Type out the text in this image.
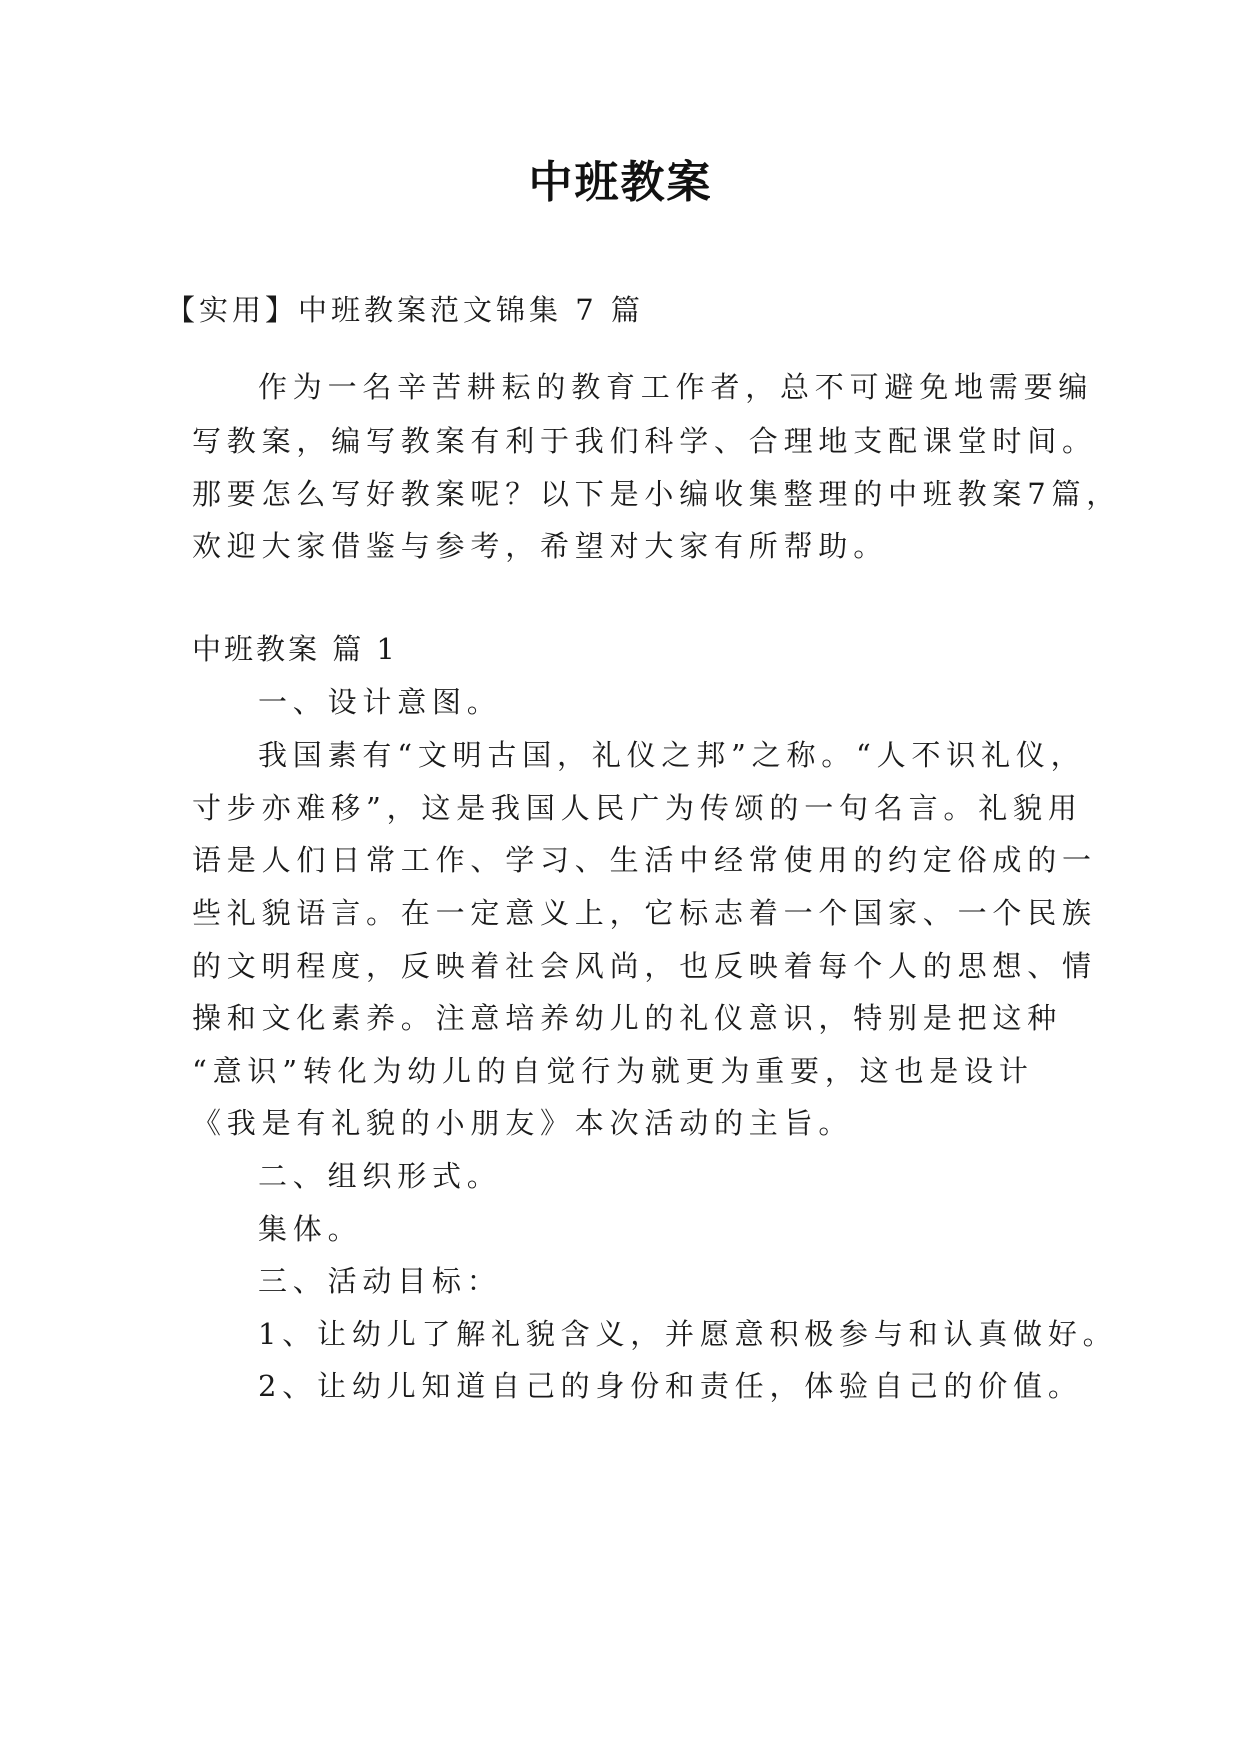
中班教案
【实用】中班教案范文锦集 7 篇
作为一名辛苦耕耘的教育工作者，总不可避免地需要编
写教案，编写教案有利于我们科学、合理地支配课堂时间。
那要怎么写好教案呢？以下是小编收集整理的中班教案7篇，
欢迎大家借鉴与参考，希望对大家有所帮助。
中班教案 篇 1
一、设计意图。
我国素有“文明古国，礼仪之邦”之称。“人不识礼仪，
寸步亦难移”，这是我国人民广为传颂的一句名言。礼貌用
语是人们日常工作、学习、生活中经常使用的约定俗成的一
些礼貌语言。在一定意义上，它标志着一个国家、一个民族
的文明程度，反映着社会风尚，也反映着每个人的思想、情
操和文化素养。注意培养幼儿的礼仪意识，特别是把这种
“意识”转化为幼儿的自觉行为就更为重要，这也是设计
《我是有礼貌的小朋友》本次活动的主旨。
二、组织形式。
集体。
三、活动目标：
1、让幼儿了解礼貌含义，并愿意积极参与和认真做好。
2、让幼儿知道自己的身份和责任，体验自己的价值。
